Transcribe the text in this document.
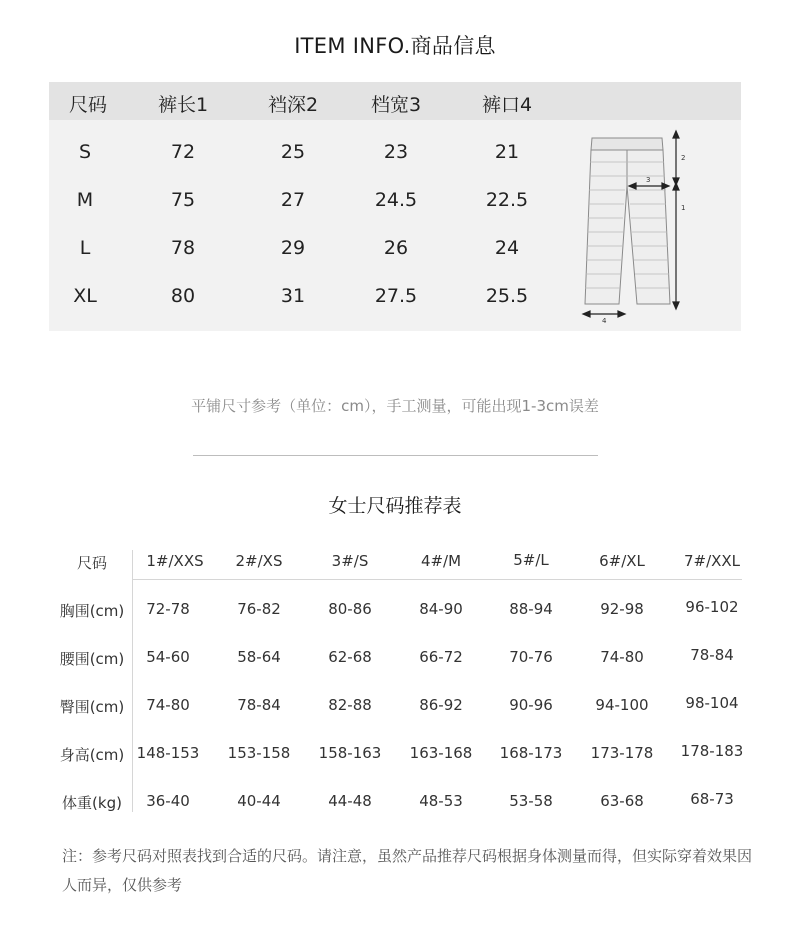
ITEM INFO.商品信息
尺码	裤长1	裆深2	档宽3	裤口4
S	72	25	23	21
M	75	27	24.5	22.5
L	78	29	26	24
XL	80	31	27.5	25.5
2
1
3
4
平铺尺寸参考（单位：cm），手工测量，可能出现1-3cm误差
女士尺码推荐表
尺码	1#/XXS	2#/XS	3#/S	4#/M	5#/L	6#/XL	7#/XXL
胸围(cm)	72-78	76-82	80-86	84-90	88-94	92-98	96-102
腰围(cm)	54-60	58-64	62-68	66-72	70-76	74-80	78-84
臀围(cm)	74-80	78-84	82-88	86-92	90-96	94-100	98-104
身高(cm) 148-153	153-158	158-163	163-168	168-173	173-178	178-183
体重(kg)	36-40	40-44	44-48	48-53	53-58	63-68	68-73
注：参考尺码对照表找到合适的尺码。请注意，虽然产品推荐尺码根据身体测量而得，但实际穿着效果因人而异，仅供参考
